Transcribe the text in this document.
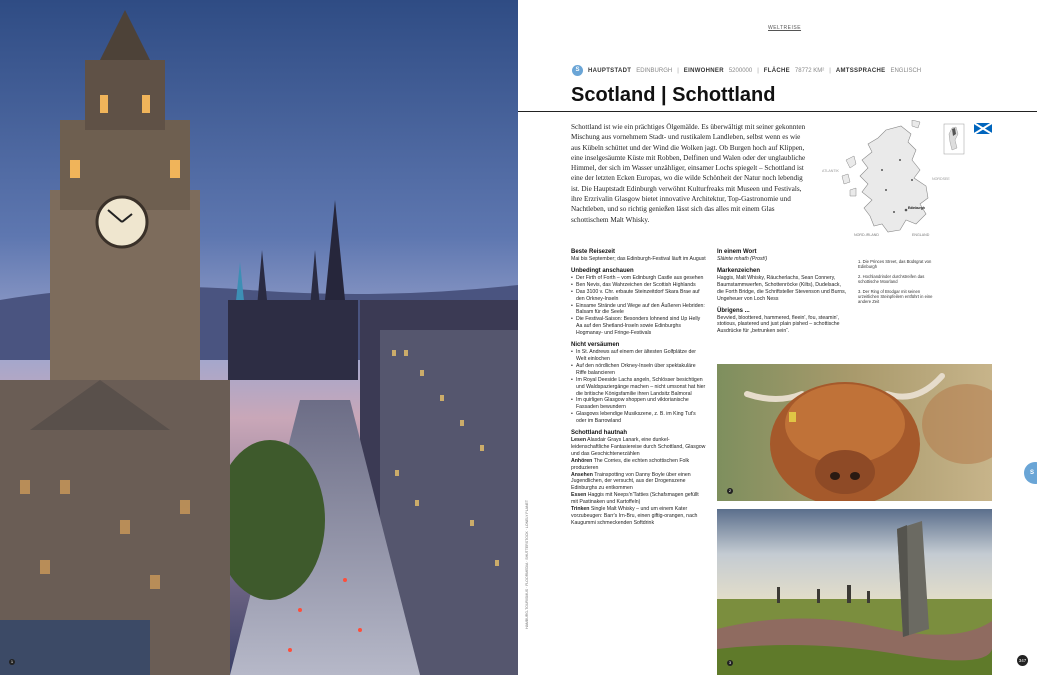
1
WELTREISE
S	HAUPTSTADT EDINBURGH | EINWOHNER 5200000 | FLÄCHE 78772 KM² | AMTSSPRACHE ENGLISCH
Scotland | Schottland
Schottland ist wie ein prächtiges Ölgemälde. Es überwältigt mit seiner gekonnten Mischung aus vornehmem Stadt- und rustikalem Landleben, selbst wenn es wie aus Kübeln schüttet und der Wind die Wolken jagt. Ob Burgen hoch auf Klippen, eine inselgesäumte Küste mit Robben, Delfinen und Walen oder der unglaubliche Himmel, der sich im Wasser unzähliger, einsamer Lochs spiegelt – Schottland ist eine der letzten Ecken Europas, wo die wilde Schönheit der Natur noch lebendig ist. Die Hauptstadt Edinburgh verwöhnt Kulturfreaks mit Museen und Festivals, ihre Erzrivalin Glasgow bietet innovative Architektur, Top-Gastronomie und Nachtleben, und so richtig genießen lässt sich das alles mit einem Glas schottischem Malt Whisky.
ATLANTIK
NORDSEE
ENGLAND
NORD-IRLAND
Edinburgh
Beste Reisezeit
Mai bis September; das Edinburgh-Festival läuft im August
Unbedingt anschauen
• Der Firth of Forth – vom Edinburgh Castle aus gesehen
• Ben Nevis, das Wahrzeichen der Scottish Highlands
• Das 3100 v. Chr. erbaute Steinzeitdorf Skara Brae auf den Orkney-Inseln
• Einsame Strände und Wege auf den Äußeren Hebriden: Balsam für die Seele
• Die Festival-Saison: Besonders lohnend sind Up Helly Aa auf den Shetland-Inseln sowie Edinburghs Hogmanay- und Fringe-Festivals
Nicht versäumen
• In St. Andrews auf einem der ältesten Golfplätze der Welt einlochen
• Auf den nördlichen Orkney-Inseln über spektakuläre Riffe balancieren
• Im Royal Deeside Lachs angeln, Schlösser besichtigen und Waldspaziergänge machen – nicht umsonst hat hier die britische Königsfamilie ihren Landsitz Balmoral
• Im quirligen Glasgow shoppen und viktorianische Fassaden bewundern
• Glasgows lebendige Musikszene, z. B. im King Tut's oder im Barrowland
Schottland hautnah
Lesen Alasdair Grays Lanark, eine dunkel-leidenschaftliche Fantasiereise durch Schottland, Glasgow und das Geschichtenerzählen
Anhören The Corries, die echten schottischen Folk produzieren
Ansehen Trainspotting von Danny Boyle über einen Jugendlichen, der versucht, aus der Drogenszene Edinburghs zu entkommen
Essen Haggis mit Neeps'n'Tatties (Schafsmagen gefüllt mit Pastinaken und Kartoffeln)
Trinken Single Malt Whisky – und um einem Kater vorzubeugen: Barr's Irn-Bru, einen giftig-orangen, nach Kaugummi schmeckenden Softdrink
In einem Wort
Slàinte mhath (Prost!)
Markenzeichen
Haggis, Malt Whisky, Räucherlachs, Sean Connery, Baumstammwerfen, Schottenröcke (Kilts), Dudelsack, die Forth Bridge, die Schriftsteller Stevenson und Burns, Ungeheuer von Loch Ness
Übrigens ...
Bevvied, bloottered, hammered, fleein', fou, steamin', stotious, plastered und just plain pished – schottische Ausdrücke für „betrunken sein“.
1. Die Princes Street, das Büdsgrat von Edinburgh
2. Hochlandrinder durchstreifen das schottische Moorland
3. Der Ring of Brodgar mit seinen urzeitlichen Steinpfeilern entführt in eine andere Zeit
HAMBURG-TOURISMUS · FLOORMEDIA · SHUTTERSTOCK · LONELY PLANET
2
3
S
347
